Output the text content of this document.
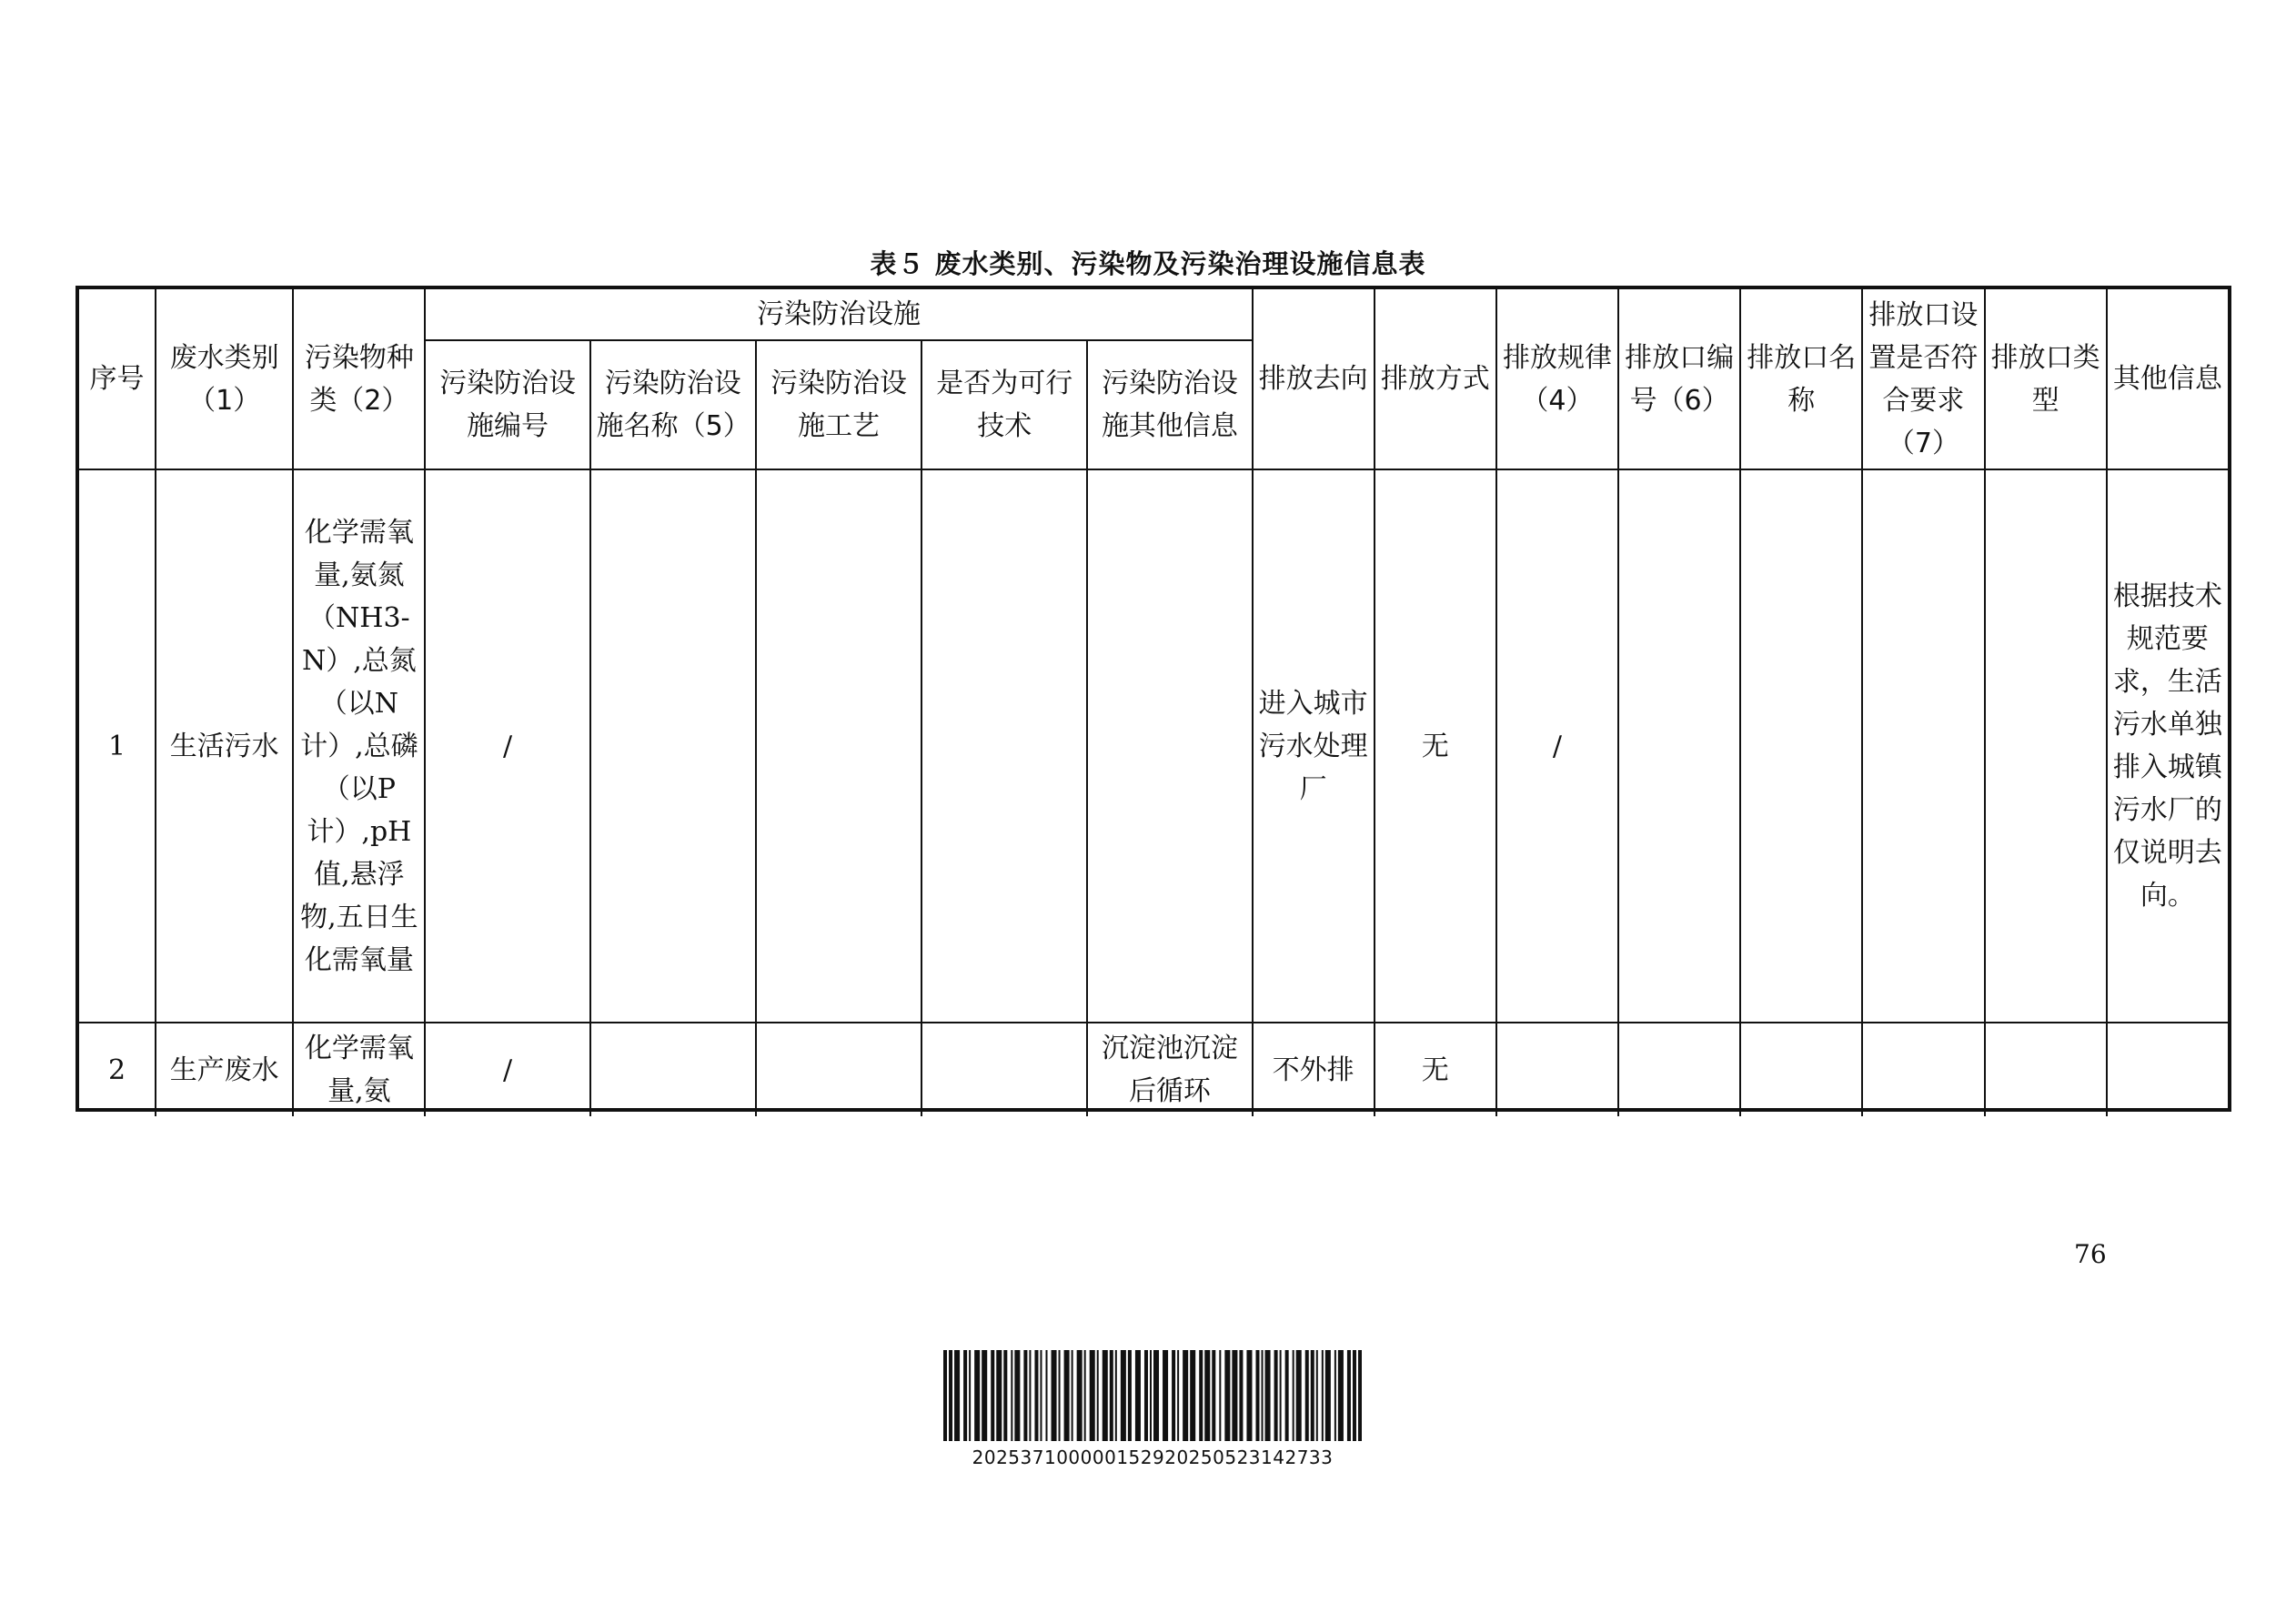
表５ 废水类别、污染物及污染治理设施信息表
序号	废水类别（1）	污染物种类（2）	污染防治设施					排放去向	排放方式	排放规律（4）	排放口编号（6）	排放口名称	排放口设置是否符合要求（7）	排放口类型	其他信息
			污染防治设施编号	污染防治设施名称（5）	污染防治设施工艺	是否为可行技术	污染防治设施其他信息								
1	生活污水	化学需氧量,氨氮（NH3-N）,总氮（以N计）,总磷（以P计）,pH值,悬浮物,五日生化需氧量	/					进入城市污水处理厂	无	/					根据技术规范要求，生活污水单独排入城镇污水厂的仅说明去向。
2	生产废水	化学需氧量,氨	/				沉淀池沉淀后循环	不外排	无						
76
202537100000152920250523142733
